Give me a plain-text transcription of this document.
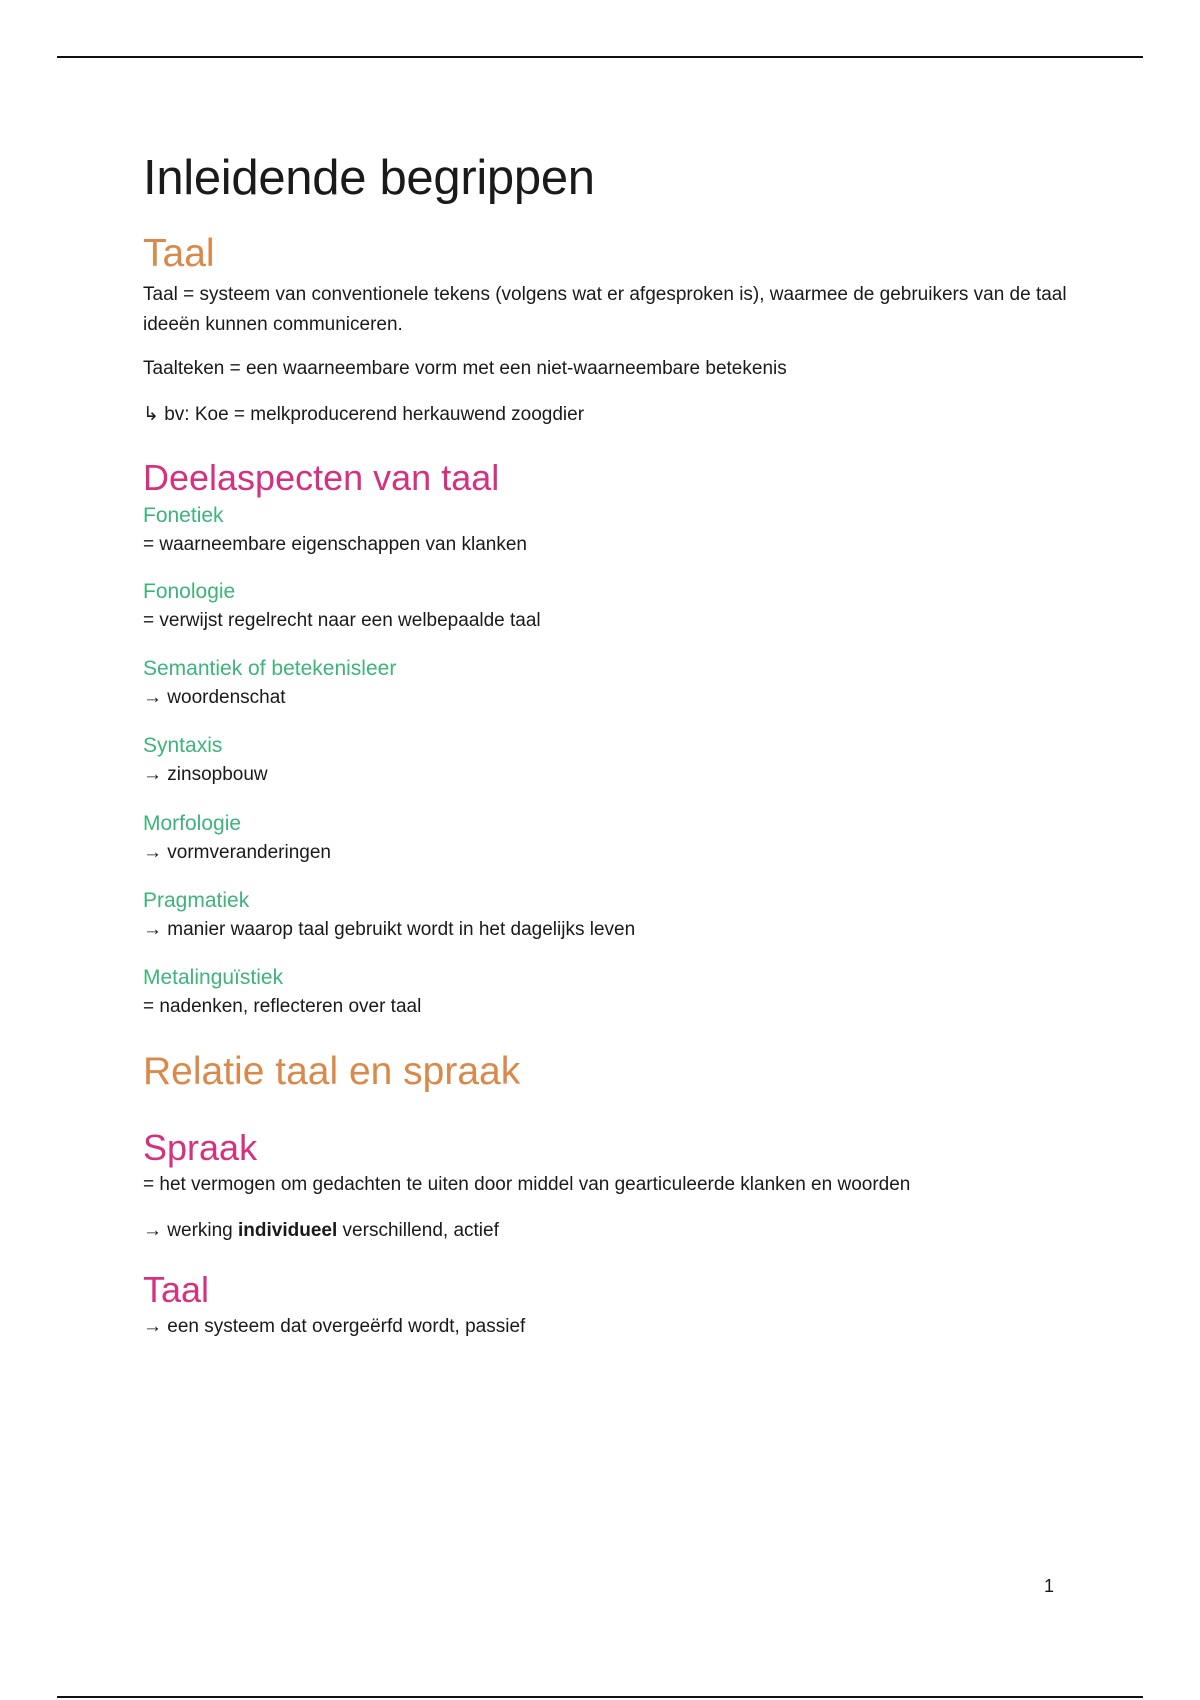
Inleidende begrippen
Taal

Taal = systeem van conventionele tekens (volgens wat er afgesproken is), waarmee de gebruikers van de taal ideeën kunnen communiceren.

Taalteken = een waarneembare vorm met een niet-waarneembare betekenis

↳ bv: Koe = melkproducerend herkauwend zoogdier

Deelaspecten van taal
Fonetiek

= waarneembare eigenschappen van klanken

Fonologie

= verwijst regelrecht naar een welbepaalde taal

Semantiek of betekenisleer

→ woordenschat

Syntaxis

→ zinsopbouw

Morfologie

→ vormveranderingen

Pragmatiek

→ manier waarop taal gebruikt wordt in het dagelijks leven

Metalinguïstiek

= nadenken, reflecteren over taal

Relatie taal en spraak
Spraak

= het vermogen om gedachten te uiten door middel van gearticuleerde klanken en woorden

→ werking individueel verschillend, actief

Taal

→ een systeem dat overgeërfd wordt, passief

1
